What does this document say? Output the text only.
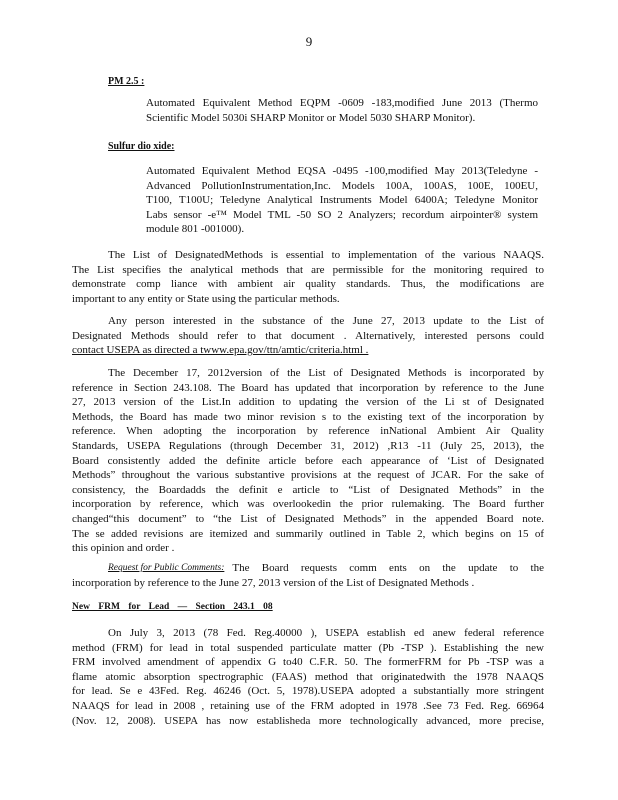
9
PM 2.5 :
Automated Equivalent Method EQPM -0609 -183,modified June 2013 (Thermo
Scientific Model 5030i SHARP Monitor or Model 5030 SHARP Monitor).
Sulfur dio xide:
Automated Equivalent Method EQSA -0495 -100,modified May 2013(Teledyne -
Advanced PollutionInstrumentation,Inc. Models 100A, 100AS, 100E, 100EU,
T100, T100U; Teledyne Analytical Instruments Model 6400A; Teledyne Monitor
Labs sensor -e™ Model TML -50 SO 2 Analyzers; recordum airpointer® system
module 801 -001000).
The List of DesignatedMethods is essential to implementation of the various NAAQS.
The List specifies the analytical methods that are permissible for the monitoring required to
demonstrate comp liance with ambient air quality standards. Thus, the modifications are
important to any entity or State using the particular methods.
Any person interested in the substance of the June 27, 2013 update to the List of
Designated Methods should refer to that document . Alternatively, interested persons could
contact USEPA as directed a twww.epa.gov/ttn/amtic/criteria.html .
The December 17, 2012version of the List of Designated Methods is incorporated by
reference in Section 243.108. The Board has updated that incorporation by reference to the June
27, 2013 version of the List.In addition to updating the version of the Li st of Designated
Methods, the Board has made two minor revision s to the existing text of the incorporation by
reference. When adopting the incorporation by reference inNational Ambient Air Quality
Standards, USEPA Regulations (through December 31, 2012) ,R13 -11 (July 25, 2013), the
Board consistently added the definite article before each appearance of ‘List of Designated
Methods” throughout the various substantive provisions at the request of JCAR. For the sake of
consistency, the Boardadds the definit e article to “List of Designated Methods” in the
incorporation by reference, which was overlookedin the prior rulemaking. The Board further
changed“this document” to “the List of Designated Methods” in the appended Board note.
The se added revisions are itemized and summarily outlined in Table 2, which begins on 15 of
this opinion and order .
Request for Public Comments: The Board requests comm ents on the update to the
incorporation by reference to the June 27, 2013 version of the List of Designated Methods .
New FRM for Lead — Section 243.1 08
On July 3, 2013 (78 Fed. Reg.40000 ), USEPA establish ed anew federal reference
method (FRM) for lead in total suspended particulate matter (Pb -TSP ). Establishing the new
FRM involved amendment of appendix G to40 C.F.R. 50. The formerFRM for Pb -TSP was a
flame atomic absorption spectrographic (FAAS) method that originatedwith the 1978 NAAQS
for lead. Se e 43Fed. Reg. 46246 (Oct. 5, 1978).USEPA adopted a substantially more stringent
NAAQS for lead in 2008 , retaining use of the FRM adopted in 1978 .See 73 Fed. Reg. 66964
(Nov. 12, 2008). USEPA has now establisheda more technologically advanced, more precise,
